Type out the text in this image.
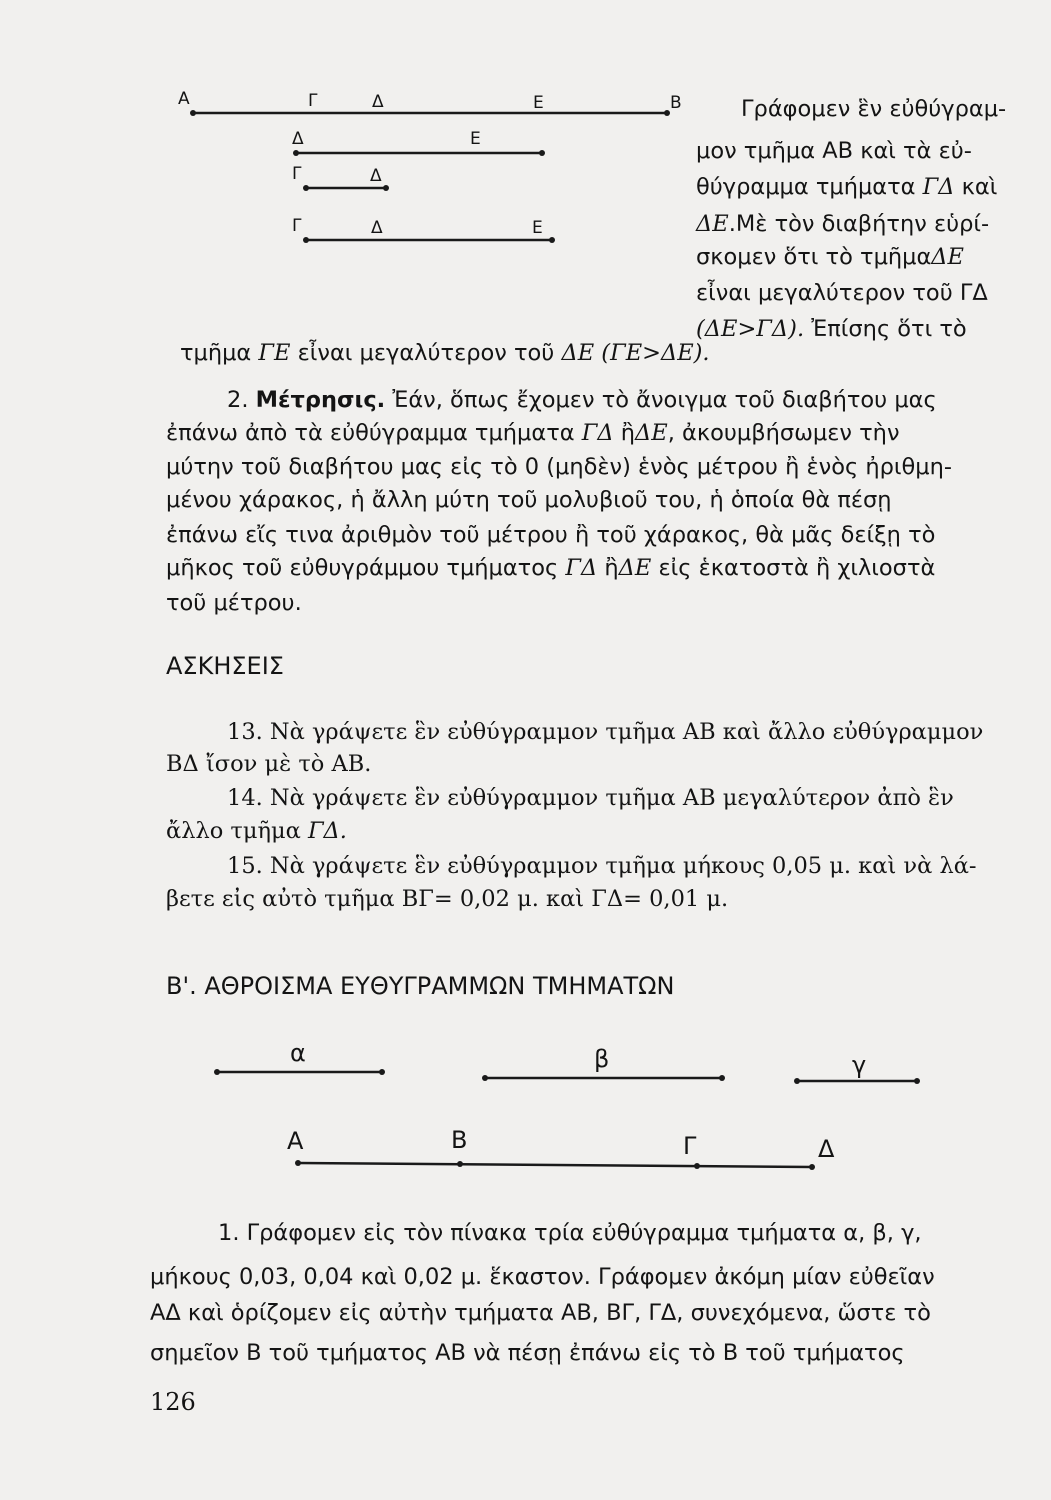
Α	Γ	Δ	Ε	Β
Δ	Ε
Γ	Δ
Γ	Δ	Ε
Γράφομεν ἓν εὐθύγραμ-
μον τμῆμα ΑΒ καὶ τὰ εὐ-
θύγραμμα τμήματα ΓΔ καὶ
ΔΕ.Μὲ τὸν διαβήτην εὑρί-
σκομεν ὅτι τὸ τμῆμαΔΕ
εἶναι μεγαλύτερον τοῦ ΓΔ
(ΔΕ>ΓΔ). Ἐπίσης ὅτι τὸ
τμῆμα ΓΕ εἶναι μεγαλύτερον τοῦ ΔΕ (ΓΕ>ΔΕ).
2. Μέτρησις. Ἐάν, ὅπως ἔχομεν τὸ ἄνοιγμα τοῦ διαβήτου μας
ἐπάνω ἀπὸ τὰ εὐθύγραμμα τμήματα ΓΔ ἢΔΕ, ἀκουμβήσωμεν τὴν
μύτην τοῦ διαβήτου μας εἰς τὸ 0 (μηδὲν) ἑνὸς μέτρου ἢ ἑνὸς ἠριθμη-
μένου χάρακος, ἡ ἄλλη μύτη τοῦ μολυβιοῦ του, ἡ ὁποία θὰ πέσῃ
ἐπάνω εἴς τινα ἀριθμὸν τοῦ μέτρου ἢ τοῦ χάρακος, θὰ μᾶς δείξῃ τὸ
μῆκος τοῦ εὐθυγράμμου τμήματος ΓΔ ἢΔΕ εἰς ἑκατοστὰ ἢ χιλιοστὰ
τοῦ μέτρου.
ΑΣΚΗΣΕΙΣ
13. Νὰ γράψετε ἓν εὐθύγραμμον τμῆμα ΑΒ καὶ ἄλλο εὐθύγραμμον
ΒΔ ἴσον μὲ τὸ ΑΒ.
14. Νὰ γράψετε ἓν εὐθύγραμμον τμῆμα ΑΒ μεγαλύτερον ἀπὸ ἓν
ἄλλο τμῆμα ΓΔ.
15. Νὰ γράψετε ἓν εὐθύγραμμον τμῆμα μήκους 0,05 μ. καὶ νὰ λά-
βετε εἰς αὐτὸ τμῆμα ΒΓ= 0,02 μ. καὶ ΓΔ= 0,01 μ.
Β'. ΑΘΡΟΙΣΜΑ ΕΥΘΥΓΡΑΜΜΩΝ ΤΜΗΜΑΤΩΝ
α	β	γ
Α	Β	Γ	Δ
1. Γράφομεν εἰς τὸν πίνακα τρία εὐθύγραμμα τμήματα α, β, γ,
μήκους 0,03, 0,04 καὶ 0,02 μ. ἕκαστον. Γράφομεν ἀκόμη μίαν εὐθεῖαν
ΑΔ καὶ ὁρίζομεν εἰς αὐτὴν τμήματα ΑΒ, ΒΓ, ΓΔ, συνεχόμενα, ὥστε τὸ
σημεῖον Β τοῦ τμήματος ΑΒ νὰ πέσῃ ἐπάνω εἰς τὸ Β τοῦ τμήματος
126
